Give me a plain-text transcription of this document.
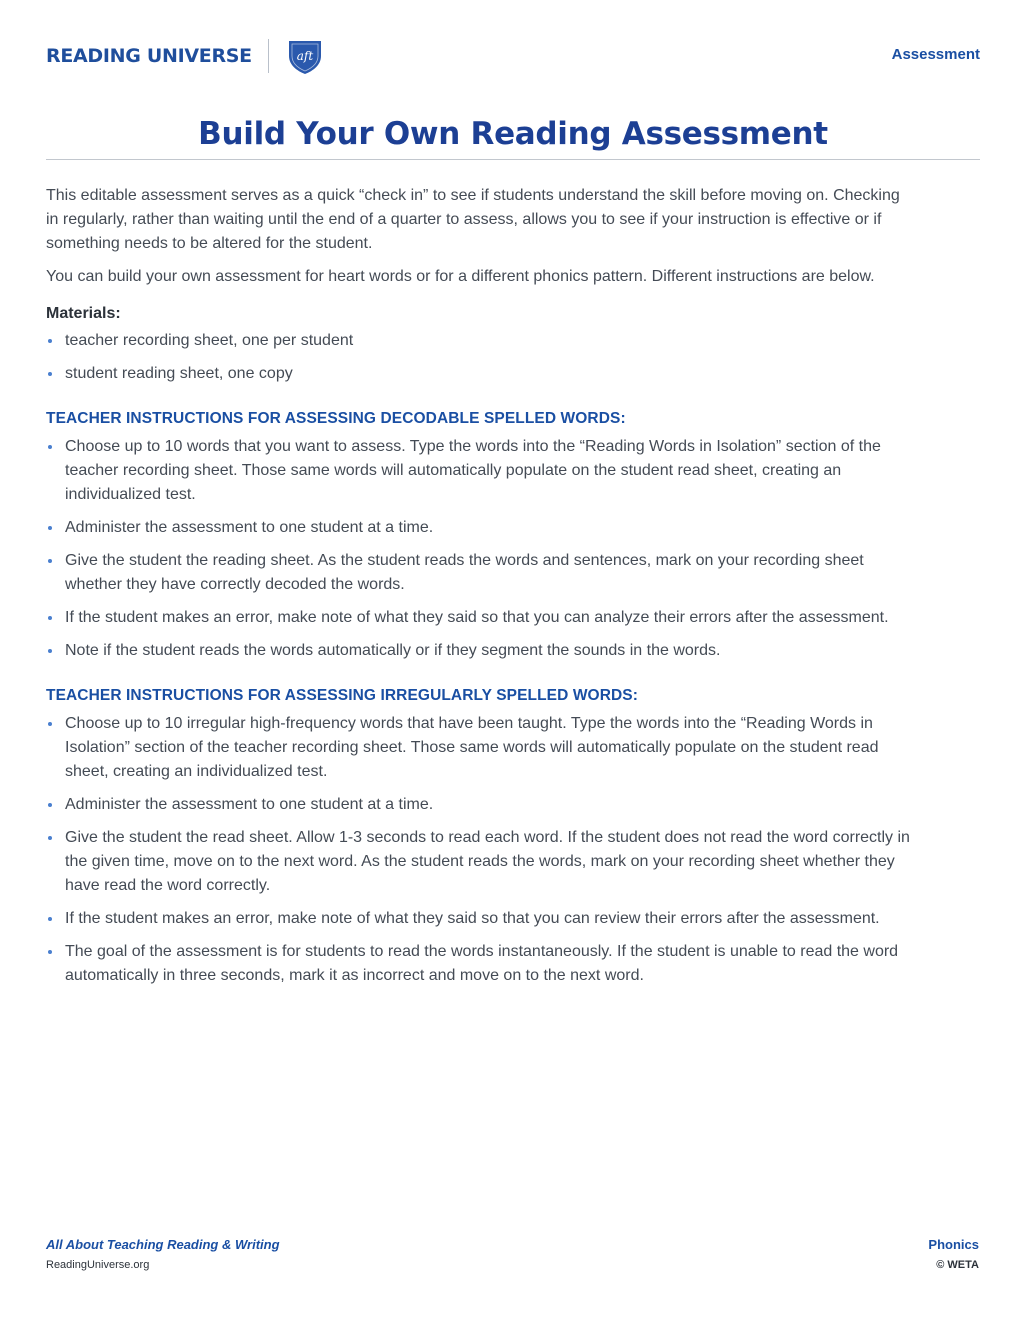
READING UNIVERSE	aft	Assessment
Build Your Own Reading Assessment

This editable assessment serves as a quick “check in” to see if students understand the skill before moving on. Checking in regularly, rather than waiting until the end of a quarter to assess, allows you to see if your instruction is effective or if something needs to be altered for the student.

You can build your own assessment for heart words or for a different phonics pattern. Different instructions are below.

Materials:
teacher recording sheet, one per student
student reading sheet, one copy
TEACHER INSTRUCTIONS FOR ASSESSING DECODABLE SPELLED WORDS:
Choose up to 10 words that you want to assess. Type the words into the “Reading Words in Isolation” section of the teacher recording sheet. Those same words will automatically populate on the student read sheet, creating an individualized test.
Administer the assessment to one student at a time.
Give the student the reading sheet. As the student reads the words and sentences, mark on your recording sheet whether they have correctly decoded the words.
If the student makes an error, make note of what they said so that you can analyze their errors after the assessment.
Note if the student reads the words automatically or if they segment the sounds in the words.
TEACHER INSTRUCTIONS FOR ASSESSING IRREGULARLY SPELLED WORDS:
Choose up to 10 irregular high-frequency words that have been taught. Type the words into the “Reading Words in Isolation” section of the teacher recording sheet. Those same words will automatically populate on the student read sheet, creating an individualized test.
Administer the assessment to one student at a time.
Give the student the read sheet. Allow 1-3 seconds to read each word. If the student does not read the word correctly in the given time, move on to the next word. As the student reads the words, mark on your recording sheet whether they have read the word correctly.
If the student makes an error, make note of what they said so that you can review their errors after the assessment.
The goal of the assessment is for students to read the words instantaneously. If the student is unable to read the word automatically in three seconds, mark it as incorrect and move on to the next word.
All About Teaching Reading & Writing
ReadingUniverse.org
Phonics
© WETA
